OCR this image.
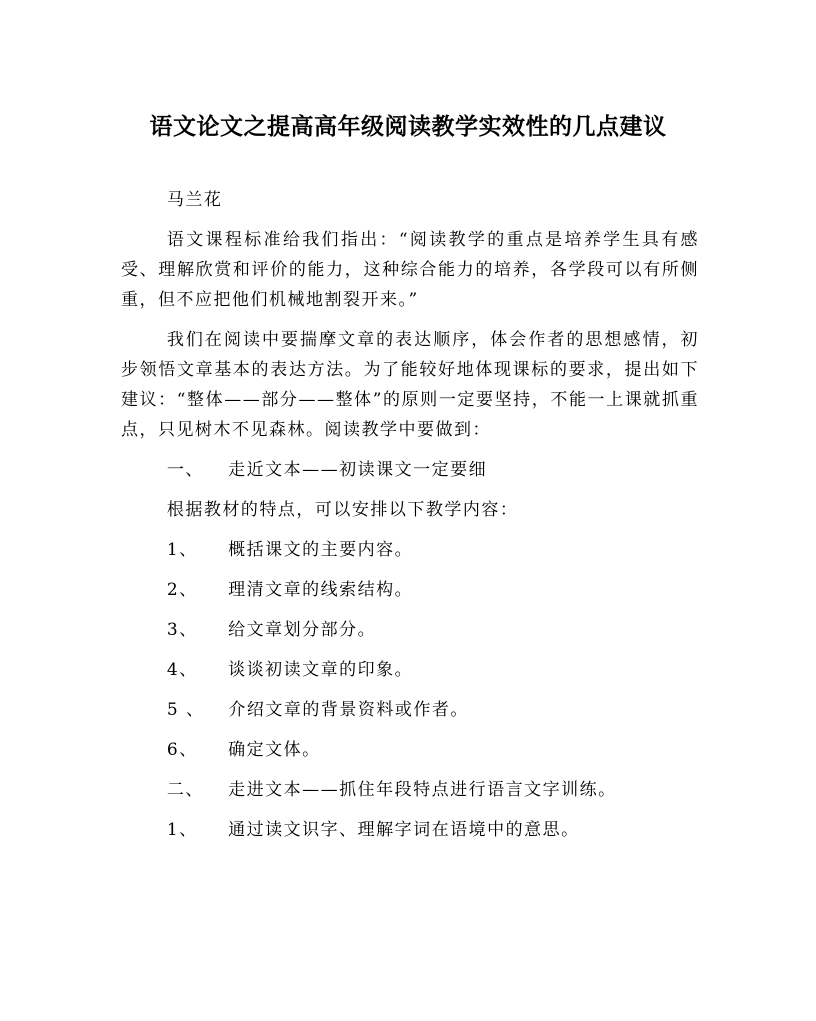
语文论文之提高高年级阅读教学实效性的几点建议
马兰花

语文课程标准给我们指出：“阅读教学的重点是培养学生具有感受、理解欣赏和评价的能力，这种综合能力的培养，各学段可以有所侧重，但不应把他们机械地割裂开来。”

我们在阅读中要揣摩文章的表达顺序，体会作者的思想感情，初步领悟文章基本的表达方法。为了能较好地体现课标的要求，提出如下建议：“整体——部分——整体”的原则一定要坚持，不能一上课就抓重点，只见树木不见森林。阅读教学中要做到：

一、 走近文本——初读课文一定要细
根据教材的特点，可以安排以下教学内容：
1、 概括课文的主要内容。
2、 理清文章的线索结构。
3、 给文章划分部分。
4、 谈谈初读文章的印象。
5 、 介绍文章的背景资料或作者。
6、 确定文体。
二、 走进文本——抓住年段特点进行语言文字训练。
1、 通过读文识字、理解字词在语境中的意思。
